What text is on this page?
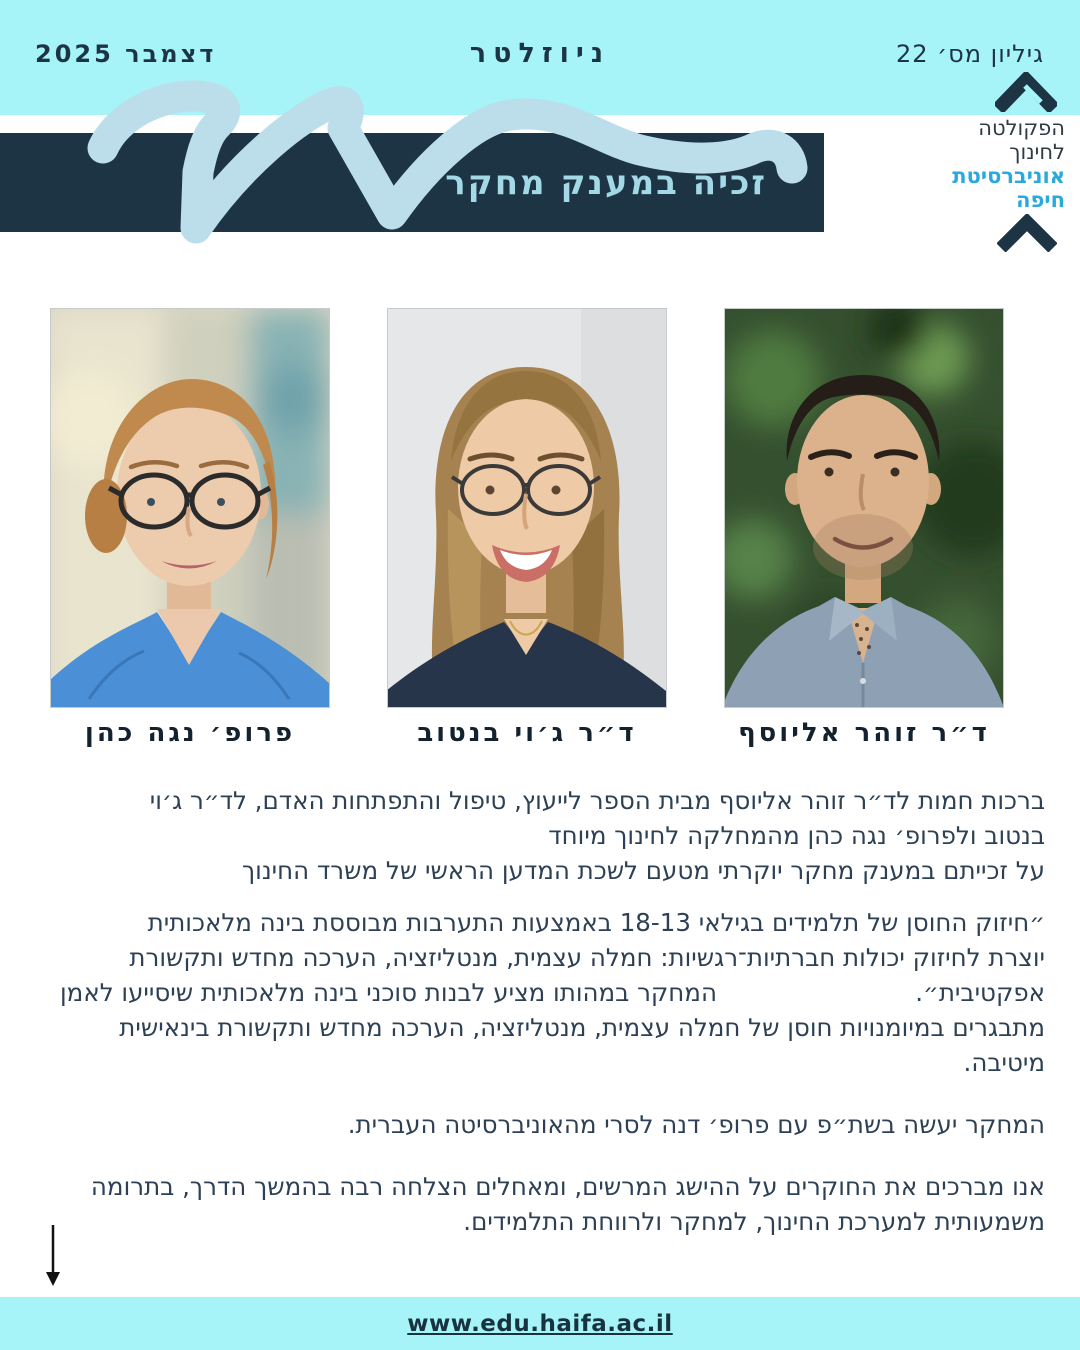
גיליון מס׳ 22
ניוזלטר
דצמבר 2025
הפקולטה
לחינוך
אוניברסיטת
חיפה
זכיה במענק מחקר
ד״ר זוהר אליוסף
ד״ר ג׳וי בנטוב
פרופ׳ נגה כהן
ברכות חמות לד״ר זוהר אליוסף מבית הספר לייעוץ, טיפול והתפתחות האדם, לד״ר ג׳וי
בנטוב ולפרופ׳ נגה כהן מהמחלקה לחינוך מיוחד
על זכייתם במענק מחקר יוקרתי מטעם לשכת המדען הראשי של משרד החינוך
״חיזוק החוסן של תלמידים בגילאי 18-13 באמצעות התערבות מבוססת בינה מלאכותית
יוצרת לחיזוק יכולות חברתיות־רגשיות: חמלה עצמית, מנטליזציה, הערכה מחדש ותקשורת
אפקטיבית״.
המחקר במהותו מציע לבנות סוכני בינה מלאכותית שיסייעו לאמן
מתבגרים במיומנויות חוסן של חמלה עצמית, מנטליזציה, הערכה מחדש ותקשורת בינאישית
מיטיבה.
המחקר יעשה בשת״פ עם פרופ׳ דנה לסרי מהאוניברסיטה העברית.
אנו מברכים את החוקרים על ההישג המרשים, ומאחלים הצלחה רבה בהמשך הדרך, בתרומה
משמעותית למערכת החינוך, למחקר ולרווחת התלמידים.
www.edu.haifa.ac.il
